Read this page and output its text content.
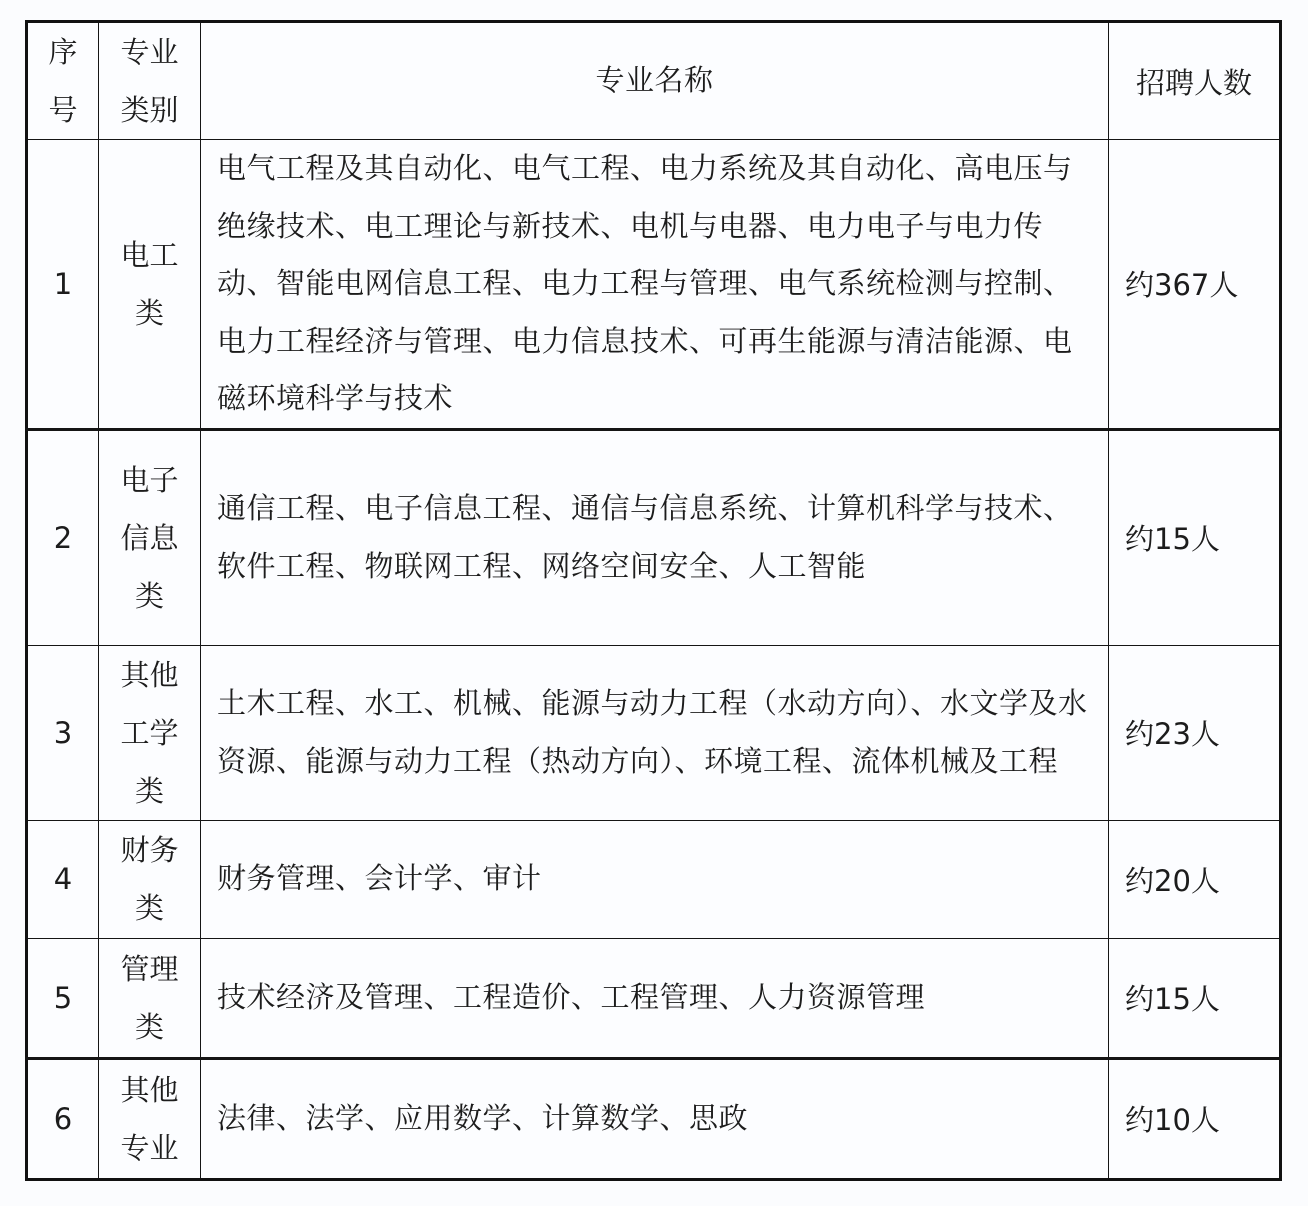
序号	专业类别	专业名称	招聘人数
1	电工类	电气工程及其自动化、电气工程、电力系统及其自动化、高电压与绝缘技术、电工理论与新技术、电机与电器、电力电子与电力传动、智能电网信息工程、电力工程与管理、电气系统检测与控制、电力工程经济与管理、电力信息技术、可再生能源与清洁能源、电磁环境科学与技术	约367人
2	电子信息类	通信工程、电子信息工程、通信与信息系统、计算机科学与技术、软件工程、物联网工程、网络空间安全、人工智能	约15人
3	其他工学类	土木工程、水工、机械、能源与动力工程（水动方向）、水文学及水资源、能源与动力工程（热动方向）、环境工程、流体机械及工程	约23人
4	财务类	财务管理、会计学、审计	约20人
5	管理类	技术经济及管理、工程造价、工程管理、人力资源管理	约15人
6	其他专业	法律、法学、应用数学、计算数学、思政	约10人
